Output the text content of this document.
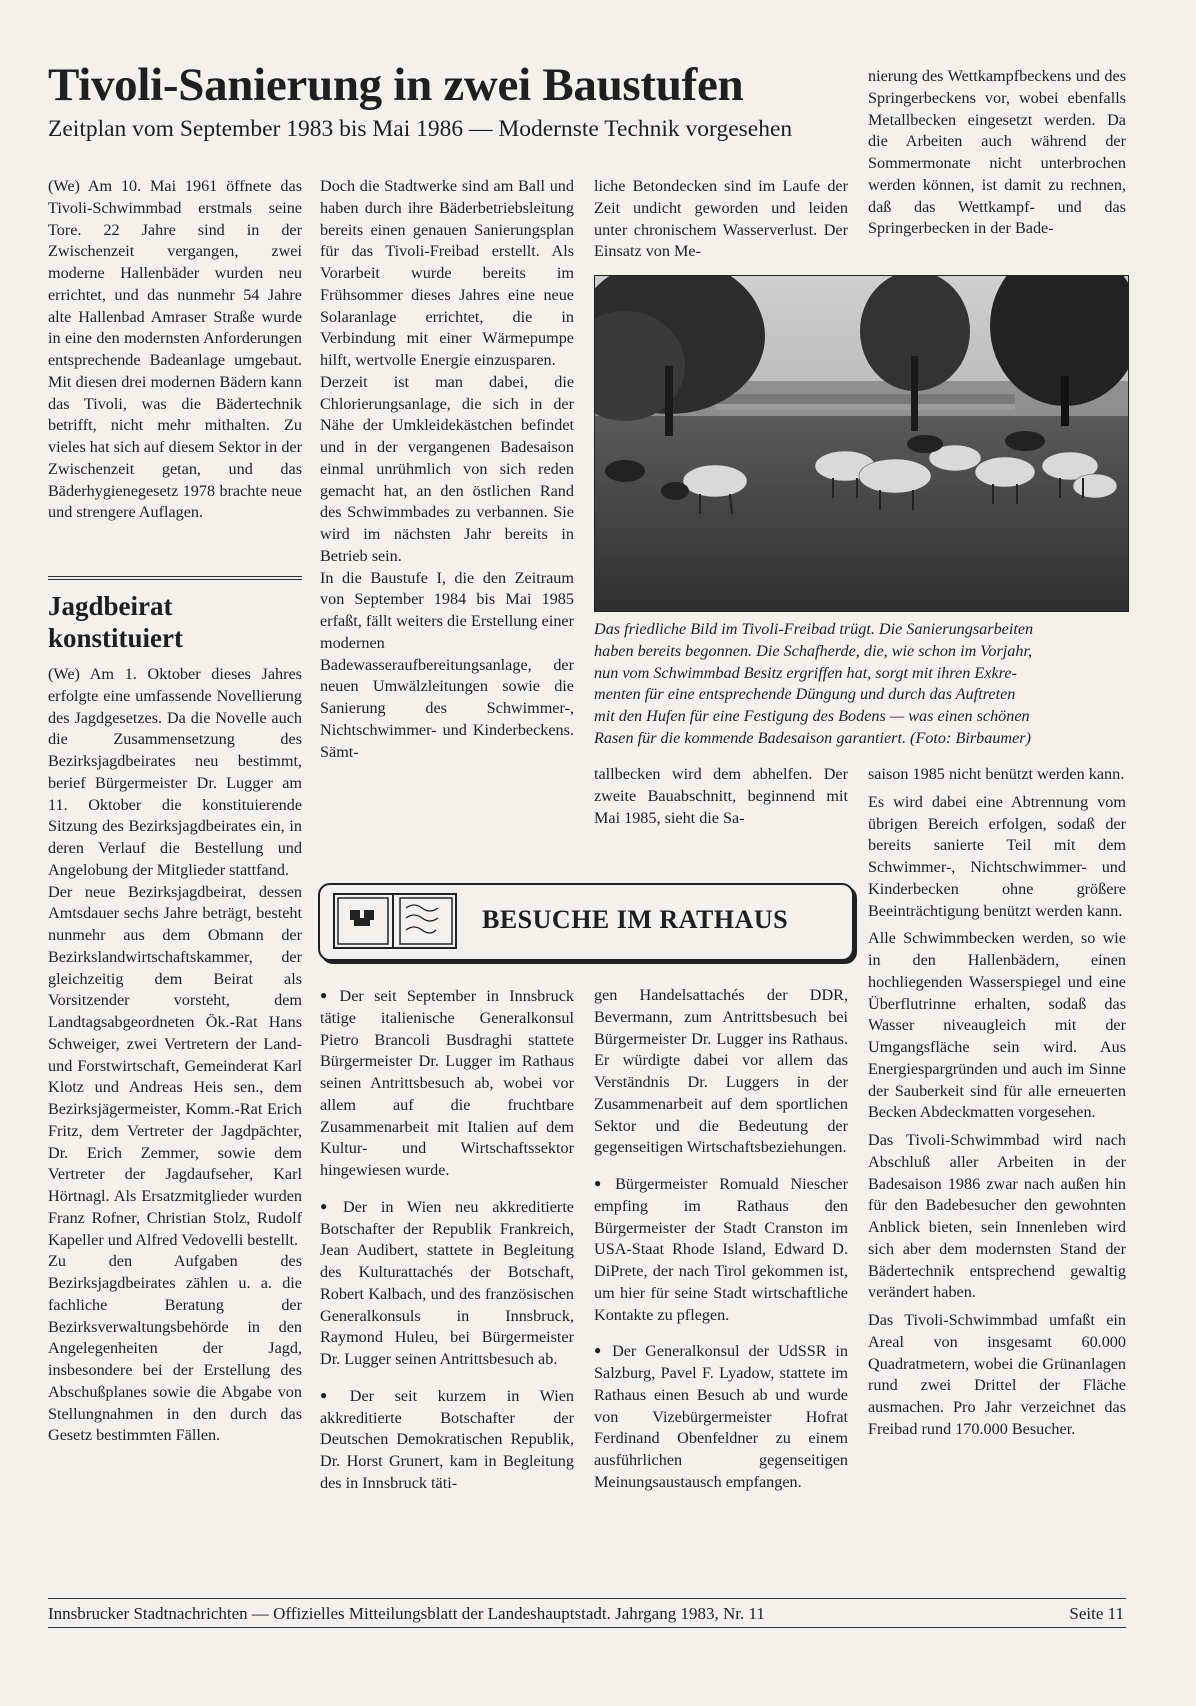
Tivoli-Sanierung in zwei Baustufen
Zeitplan vom September 1983 bis Mai 1986 — Modernste Technik vorgesehen

(We) Am 10. Mai 1961 öffnete das Tivoli-Schwimmbad erstmals seine Tore. 22 Jahre sind in der Zwischenzeit vergangen, zwei moderne Hallenbäder wurden neu errichtet, und das nunmehr 54 Jahre alte Hallenbad Amraser Straße wurde in eine den modernsten Anforderungen entsprechende Badeanlage umgebaut. Mit diesen drei modernen Bädern kann das Tivoli, was die Bädertechnik betrifft, nicht mehr mithalten. Zu vieles hat sich auf diesem Sektor in der Zwischenzeit getan, und das Bäderhygienegesetz 1978 brachte neue und strengere Auflagen.

Jagdbeirat

konstituiert

(We) Am 1. Oktober dieses Jahres erfolgte eine umfassende Novellierung des Jagdgesetzes. Da die Novelle auch die Zusammensetzung des Bezirksjagdbeirates neu bestimmt, berief Bürgermeister Dr. Lugger am 11. Oktober die konstituierende Sitzung des Bezirksjagdbeirates ein, in deren Verlauf die Bestellung und Angelobung der Mitglieder stattfand.

Der neue Bezirksjagdbeirat, dessen Amtsdauer sechs Jahre beträgt, besteht nunmehr aus dem Obmann der Bezirkslandwirtschaftskammer, der gleichzeitig dem Beirat als Vorsitzender vorsteht, dem Landtagsabgeordneten Ök.-Rat Hans Schweiger, zwei Vertretern der Land- und Forstwirtschaft, Gemeinderat Karl Klotz und Andreas Heis sen., dem Bezirksjägermeister, Komm.-Rat Erich Fritz, dem Vertreter der Jagdpächter, Dr. Erich Zemmer, sowie dem Vertreter der Jagdaufseher, Karl Hörtnagl. Als Ersatzmitglieder wurden Franz Rofner, Christian Stolz, Rudolf Kapeller und Alfred Vedovelli bestellt.

Zu den Aufgaben des Bezirksjagdbeirates zählen u. a. die fachliche Beratung der Bezirksverwaltungsbehörde in den Angelegenheiten der Jagd, insbesondere bei der Erstellung des Abschußplanes sowie die Abgabe von Stellungnahmen in den durch das Gesetz bestimmten Fällen.

Doch die Stadtwerke sind am Ball und haben durch ihre Bäderbetriebsleitung bereits einen genauen Sanierungsplan für das Tivoli-Freibad erstellt. Als Vorarbeit wurde bereits im Frühsommer dieses Jahres eine neue Solaranlage errichtet, die in Verbindung mit einer Wärmepumpe hilft, wertvolle Energie einzusparen.

Derzeit ist man dabei, die Chlorierungsanlage, die sich in der Nähe der Umkleidekästchen befindet und in der vergangenen Badesaison einmal unrühmlich von sich reden gemacht hat, an den östlichen Rand des Schwimmbades zu verbannen. Sie wird im nächsten Jahr bereits in Betrieb sein.

In die Baustufe I, die den Zeitraum von September 1984 bis Mai 1985 erfaßt, fällt weiters die Erstellung einer modernen Badewasseraufbereitungsanlage, der neuen Umwälzleitungen sowie die Sanierung des Schwimmer-, Nichtschwimmer- und Kinderbeckens. Sämt-

liche Betondecken sind im Laufe der Zeit undicht geworden und leiden unter chronischem Wasserverlust. Der Einsatz von Me-

nierung des Wettkampfbeckens und des Springerbeckens vor, wobei ebenfalls Metallbecken eingesetzt werden. Da die Arbeiten auch während der Sommermonate nicht unterbrochen werden können, ist damit zu rechnen, daß das Wettkampf- und das Springerbecken in der Bade-

Das friedliche Bild im Tivoli-Freibad trügt. Die Sanierungsarbeiten

haben bereits begonnen. Die Schafherde, die, wie schon im Vorjahr,

nun vom Schwimmbad Besitz ergriffen hat, sorgt mit ihren Exkre-

menten für eine entsprechende Düngung und durch das Auftreten

mit den Hufen für eine Festigung des Bodens — was einen schönen

Rasen für die kommende Badesaison garantiert. (Foto: Birbaumer)

tallbecken wird dem abhelfen. Der zweite Bauabschnitt, beginnend mit Mai 1985, sieht die Sa-

saison 1985 nicht benützt werden kann.

Es wird dabei eine Abtrennung vom übrigen Bereich erfolgen, sodaß der bereits sanierte Teil mit dem Schwimmer-, Nichtschwimmer- und Kinderbecken ohne größere Beeinträchtigung benützt werden kann.

Alle Schwimmbecken werden, so wie in den Hallenbädern, einen hochliegenden Wasserspiegel und eine Überflutrinne erhalten, sodaß das Wasser niveaugleich mit der Umgangsfläche sein wird. Aus Energiespargründen und auch im Sinne der Sauberkeit sind für alle erneuerten Becken Abdeckmatten vorgesehen.

Das Tivoli-Schwimmbad wird nach Abschluß aller Arbeiten in der Badesaison 1986 zwar nach außen hin für den Badebesucher den gewohnten Anblick bieten, sein Innenleben wird sich aber dem modernsten Stand der Bädertechnik entsprechend gewaltig verändert haben.

Das Tivoli-Schwimmbad umfaßt ein Areal von insgesamt 60.000 Quadratmetern, wobei die Grünanlagen rund zwei Drittel der Fläche ausmachen. Pro Jahr verzeichnet das Freibad rund 170.000 Besucher.

BESUCHE IM RATHAUS

● Der seit September in Innsbruck tätige italienische Generalkonsul Pietro Brancoli Busdraghi stattete Bürgermeister Dr. Lugger im Rathaus seinen Antrittsbesuch ab, wobei vor allem auf die fruchtbare Zusammenarbeit mit Italien auf dem Kultur- und Wirtschaftssektor hingewiesen wurde.

● Der in Wien neu akkreditierte Botschafter der Republik Frankreich, Jean Audibert, stattete in Begleitung des Kulturattachés der Botschaft, Robert Kalbach, und des französischen Generalkonsuls in Innsbruck, Raymond Huleu, bei Bürgermeister Dr. Lugger seinen Antrittsbesuch ab.

● Der seit kurzem in Wien akkreditierte Botschafter der Deutschen Demokratischen Republik, Dr. Horst Grunert, kam in Begleitung des in Innsbruck täti-

gen Handelsattachés der DDR, Bevermann, zum Antrittsbesuch bei Bürgermeister Dr. Lugger ins Rathaus. Er würdigte dabei vor allem das Verständnis Dr. Luggers in der Zusammenarbeit auf dem sportlichen Sektor und die Bedeutung der gegenseitigen Wirtschaftsbeziehungen.

● Bürgermeister Romuald Niescher empfing im Rathaus den Bürgermeister der Stadt Cranston im USA-Staat Rhode Island, Edward D. DiPrete, der nach Tirol gekommen ist, um hier für seine Stadt wirtschaftliche Kontakte zu pflegen.

● Der Generalkonsul der UdSSR in Salzburg, Pavel F. Lyadow, stattete im Rathaus einen Besuch ab und wurde von Vizebürgermeister Hofrat Ferdinand Obenfeldner zu einem ausführlichen gegenseitigen Meinungsaustausch empfangen.

Innsbrucker Stadtnachrichten — Offizielles Mitteilungsblatt der Landeshauptstadt. Jahrgang 1983, Nr. 11	Seite 11
